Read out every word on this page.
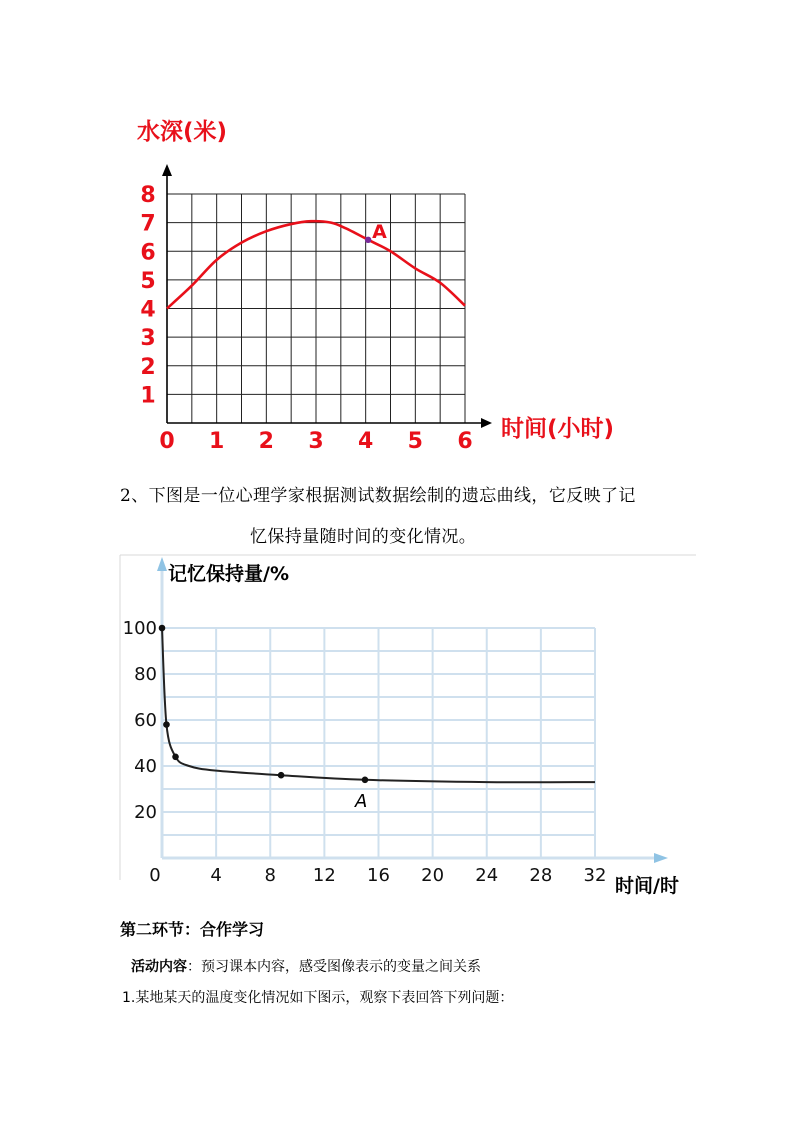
A
0 1 2 3 4 5 6
1
2
3
4
5
6
7
8
水深(米)
时间(小时)
2、下图是一位心理学家根据测试数据绘制的遗忘曲线，它反映了记
忆保持量随时间的变化情况。
A
0	4 8 12 16 20 24 28 32
20
40
60
80
100
记忆保持量/%
时间/时
第二环节：合作学习
活动内容：预习课本内容，感受图像表示的变量之间关系
1.某地某天的温度变化情况如下图示，观察下表回答下列问题：
